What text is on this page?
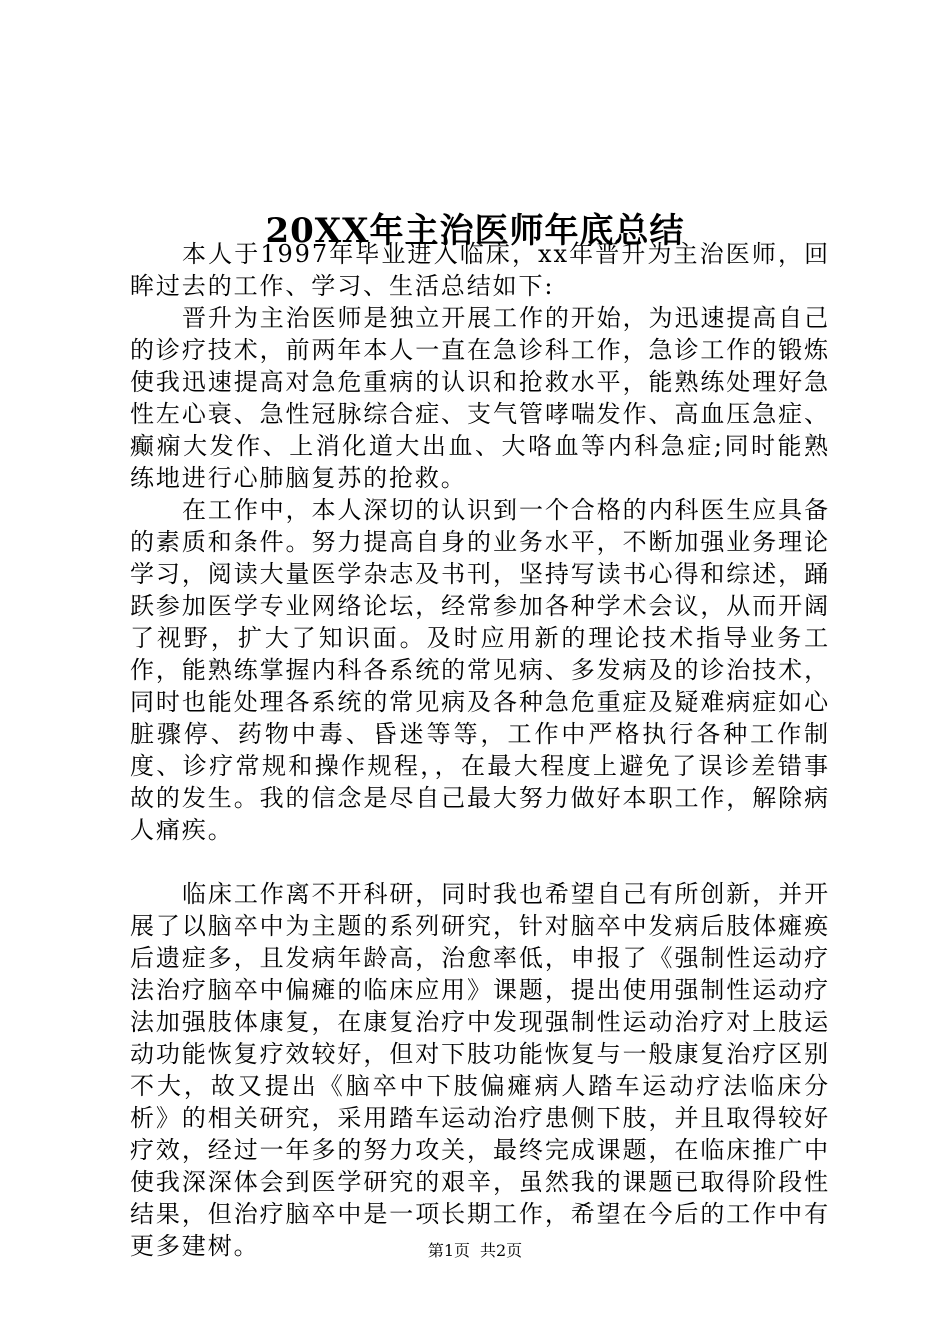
20XX年主治医师年底总结

本人于1997年毕业进入临床，xx年晋升为主治医师，回眸过去的工作、学习、生活总结如下:

晋升为主治医师是独立开展工作的开始，为迅速提高自己的诊疗技术，前两年本人一直在急诊科工作，急诊工作的锻炼使我迅速提高对急危重病的认识和抢救水平，能熟练处理好急性左心衰、急性冠脉综合症、支气管哮喘发作、高血压急症、癫痫大发作、上消化道大出血、大咯血等内科急症;同时能熟练地进行心肺脑复苏的抢救。

在工作中，本人深切的认识到一个合格的内科医生应具备的素质和条件。努力提高自身的业务水平，不断加强业务理论学习，阅读大量医学杂志及书刊，坚持写读书心得和综述，踊跃参加医学专业网络论坛，经常参加各种学术会议，从而开阔了视野，扩大了知识面。及时应用新的理论技术指导业务工作，能熟练掌握内科各系统的常见病、多发病及的诊治技术，同时也能处理各系统的常见病及各种急危重症及疑难病症如心脏骤停、药物中毒、昏迷等等，工作中严格执行各种工作制度、诊疗常规和操作规程，，在最大程度上避免了误诊差错事故的发生。我的信念是尽自己最大努力做好本职工作，解除病人痛疾。

临床工作离不开科研，同时我也希望自己有所创新，并开展了以脑卒中为主题的系列研究，针对脑卒中发病后肢体瘫痪后遗症多，且发病年龄高，治愈率低，申报了《强制性运动疗法治疗脑卒中偏瘫的临床应用》课题，提出使用强制性运动疗法加强肢体康复，在康复治疗中发现强制性运动治疗对上肢运动功能恢复疗效较好，但对下肢功能恢复与一般康复治疗区别不大，故又提出《脑卒中下肢偏瘫病人踏车运动疗法临床分析》的相关研究，采用踏车运动治疗患侧下肢，并且取得较好疗效，经过一年多的努力攻关，最终完成课题，在临床推广中使我深深体会到医学研究的艰辛，虽然我的课题已取得阶段性结果，但治疗脑卒中是一项长期工作，希望在今后的工作中有更多建树。	第1页 共2页
